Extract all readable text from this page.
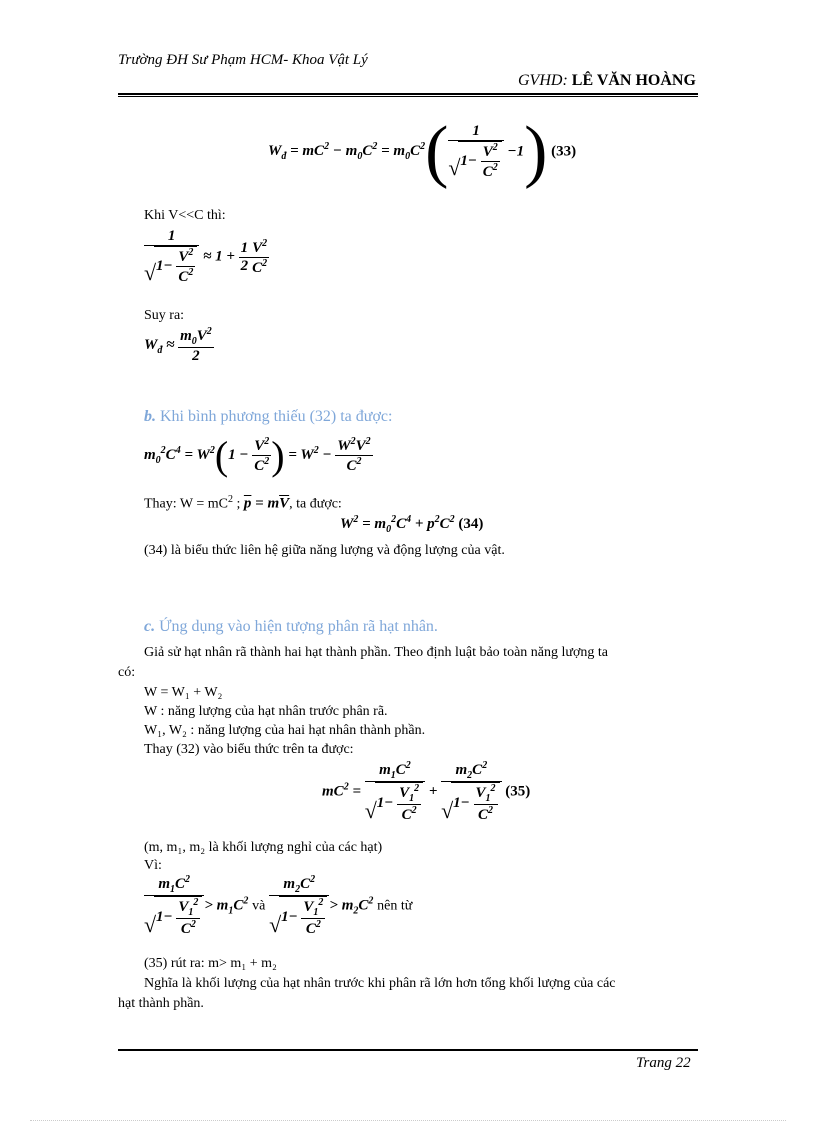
Trường ĐH Sư Phạm HCM- Khoa Vật Lý
GVHD: LÊ VĂN HOÀNG
$W_đ = mC^2 - m_0C^2 = m_0C^2$( 1
√ $1- \frac{V^2}{C^2} -1$) (33)
Khi V<<C thì:
1
√ $1- \frac{V^2}{C^2} \approx 1 + \frac{1}{2} \frac{V^2}{C^2}$
Suy ra:
$W_đ \approx \frac{m_0V^2}{2}$
b. Khi bình phương thiếu (32) ta được:
$m_0^2C^4 = W^2(1 - \frac{V^2}{C^2}$ ) = $W^2 - \frac{W^2V^2}{C^2}$
Thay: $W = mC^2$ ; $\overline{p} = m\overline{V}$, ta được:
$W^2 = m_0^2C^4 + p^2C^2$ (34)
(34) là biểu thức liên hệ giữa năng lượng và động lượng của vật.
c. Ứng dụng vào hiện tượng phân rã hạt nhân.
Giả sử hạt nhân rã thành hai hạt thành phần. Theo định luật bảo toàn năng lượng ta
có:
W = W₁ + W₂
W : năng lượng của hạt nhân trước phân rã.
W₁, W₂ : năng lượng của hai hạt nhân thành phần.
Thay (32) vào biểu thức trên ta được:
$mC^2 = m_1C^2$
√ $1- \frac{V_1^2}{C^2} + m_2C^2$
√ $1- \frac{V_1^2}{C^2} (35)$
(m, m₁, m₂ là khối lượng nghỉ của các hạt)
Vì:
$m_1C^2$
√ $1- \frac{V_1^2}{C^2} > m_1C^2$ và $m_2C^2$
√ $1- \frac{V_1^2}{C^2} > m_2C^2$ nên từ
(35) rút ra: m> m₁ + m₂
Nghĩa là khối lượng của hạt nhân trước khi phân rã lớn hơn tổng khối lượng của các
hạt thành phần.
Trang 22
